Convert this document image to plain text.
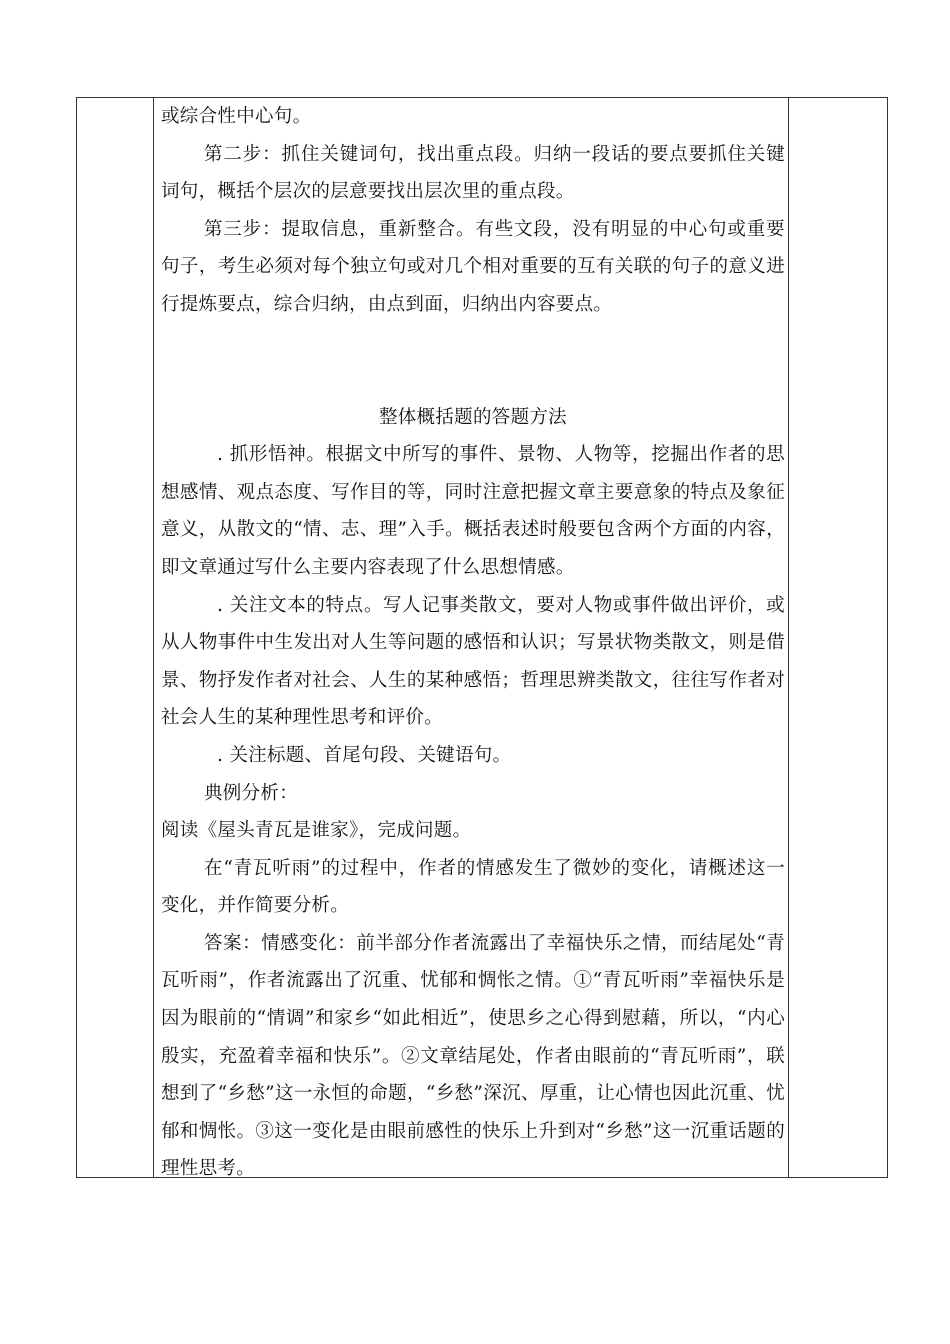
或综合性中心句。

第二步：抓住关键词句，找出重点段。归纳一段话的要点要抓住关键词句，概括个层次的层意要找出层次里的重点段。

第三步：提取信息，重新整合。有些文段，没有明显的中心句或重要句子，考生必须对每个独立句或对几个相对重要的互有关联的句子的意义进行提炼要点，综合归纳，由点到面，归纳出内容要点。

整体概括题的答题方法

. 抓形悟神。根据文中所写的事件、景物、人物等，挖掘出作者的思想感情、观点态度、写作目的等，同时注意把握文章主要意象的特点及象征意义，从散文的“情、志、理”入手。概括表述时般要包含两个方面的内容，即文章通过写什么主要内容表现了什么思想情感。

. 关注文本的特点。写人记事类散文，要对人物或事件做出评价，或从人物事件中生发出对人生等问题的感悟和认识；写景状物类散文，则是借景、物抒发作者对社会、人生的某种感悟；哲理思辨类散文，往往写作者对社会人生的某种理性思考和评价。

. 关注标题、首尾句段、关键语句。

典例分析：

阅读《屋头青瓦是谁家》，完成问题。

在“青瓦听雨”的过程中，作者的情感发生了微妙的变化，请概述这一变化，并作简要分析。

答案：情感变化：前半部分作者流露出了幸福快乐之情，而结尾处“青瓦听雨”，作者流露出了沉重、忧郁和惆怅之情。①“青瓦听雨”幸福快乐是因为眼前的“情调”和家乡“如此相近”，使思乡之心得到慰藉，所以，“内心殷实，充盈着幸福和快乐”。②文章结尾处，作者由眼前的“青瓦听雨”，联想到了“乡愁”这一永恒的命题，“乡愁”深沉、厚重，让心情也因此沉重、忧郁和惆怅。③这一变化是由眼前感性的快乐上升到对“乡愁”这一沉重话题的理性思考。
